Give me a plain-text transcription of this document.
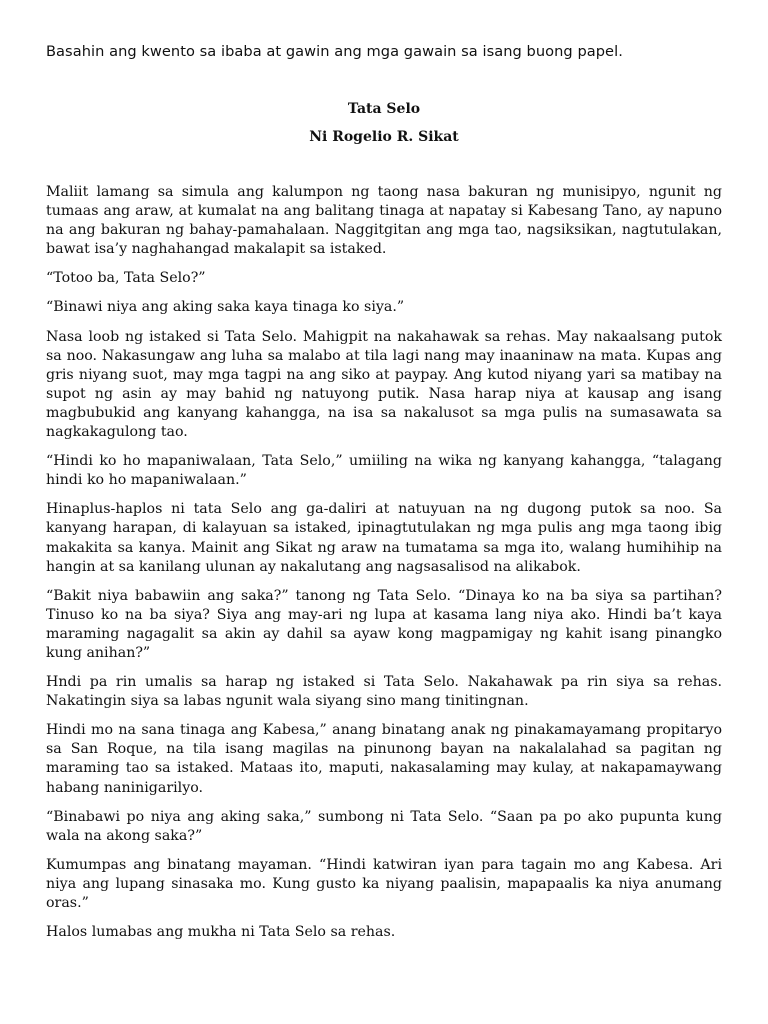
Basahin ang kwento sa ibaba at gawin ang mga gawain sa isang buong papel.

Tata Selo
Ni Rogelio R. Sikat

Maliit lamang sa simula ang kalumpon ng taong nasa bakuran ng munisipyo, ngunit ng tumaas ang araw, at kumalat na ang balitang tinaga at napatay si Kabesang Tano, ay napuno na ang bakuran ng bahay-pamahalaan. Naggitgitan ang mga tao, nagsiksikan, nagtutulakan, bawat isa’y naghahangad makalapit sa istaked.

“Totoo ba, Tata Selo?”

“Binawi niya ang aking saka kaya tinaga ko siya.”

Nasa loob ng istaked si Tata Selo. Mahigpit na nakahawak sa rehas. May nakaalsang putok sa noo. Nakasungaw ang luha sa malabo at tila lagi nang may inaaninaw na mata. Kupas ang gris niyang suot, may mga tagpi na ang siko at paypay. Ang kutod niyang yari sa matibay na supot ng asin ay may bahid ng natuyong putik. Nasa harap niya at kausap ang isang magbubukid ang kanyang kahangga, na isa sa nakalusot sa mga pulis na sumasawata sa nagkakagulong tao.

“Hindi ko ho mapaniwalaan, Tata Selo,” umiiling na wika ng kanyang kahangga, “talagang hindi ko ho mapaniwalaan.”

Hinaplus-haplos ni tata Selo ang ga-daliri at natuyuan na ng dugong putok sa noo. Sa kanyang harapan, di kalayuan sa istaked, ipinagtutulakan ng mga pulis ang mga taong ibig makakita sa kanya. Mainit ang Sikat ng araw na tumatama sa mga ito, walang humihihip na hangin at sa kanilang ulunan ay nakalutang ang nagsasalisod na alikabok.

“Bakit niya babawiin ang saka?” tanong ng Tata Selo. “Dinaya ko na ba siya sa partihan? Tinuso ko na ba siya? Siya ang may-ari ng lupa at kasama lang niya ako. Hindi ba’t kaya maraming nagagalit sa akin ay dahil sa ayaw kong magpamigay ng kahit isang pinangko kung anihan?”

Hndi pa rin umalis sa harap ng istaked si Tata Selo. Nakahawak pa rin siya sa rehas. Nakatingin siya sa labas ngunit wala siyang sino mang tinitingnan.

Hindi mo na sana tinaga ang Kabesa,” anang binatang anak ng pinakamayamang propitaryo sa San Roque, na tila isang magilas na pinunong bayan na nakalalahad sa pagitan ng maraming tao sa istaked. Mataas ito, maputi, nakasalaming may kulay, at nakapamaywang habang naninigarilyo.

“Binabawi po niya ang aking saka,” sumbong ni Tata Selo. “Saan pa po ako pupunta kung wala na akong saka?”

Kumumpas ang binatang mayaman. “Hindi katwiran iyan para tagain mo ang Kabesa. Ari niya ang lupang sinasaka mo. Kung gusto ka niyang paalisin, mapapaalis ka niya anumang oras.”

Halos lumabas ang mukha ni Tata Selo sa rehas.
